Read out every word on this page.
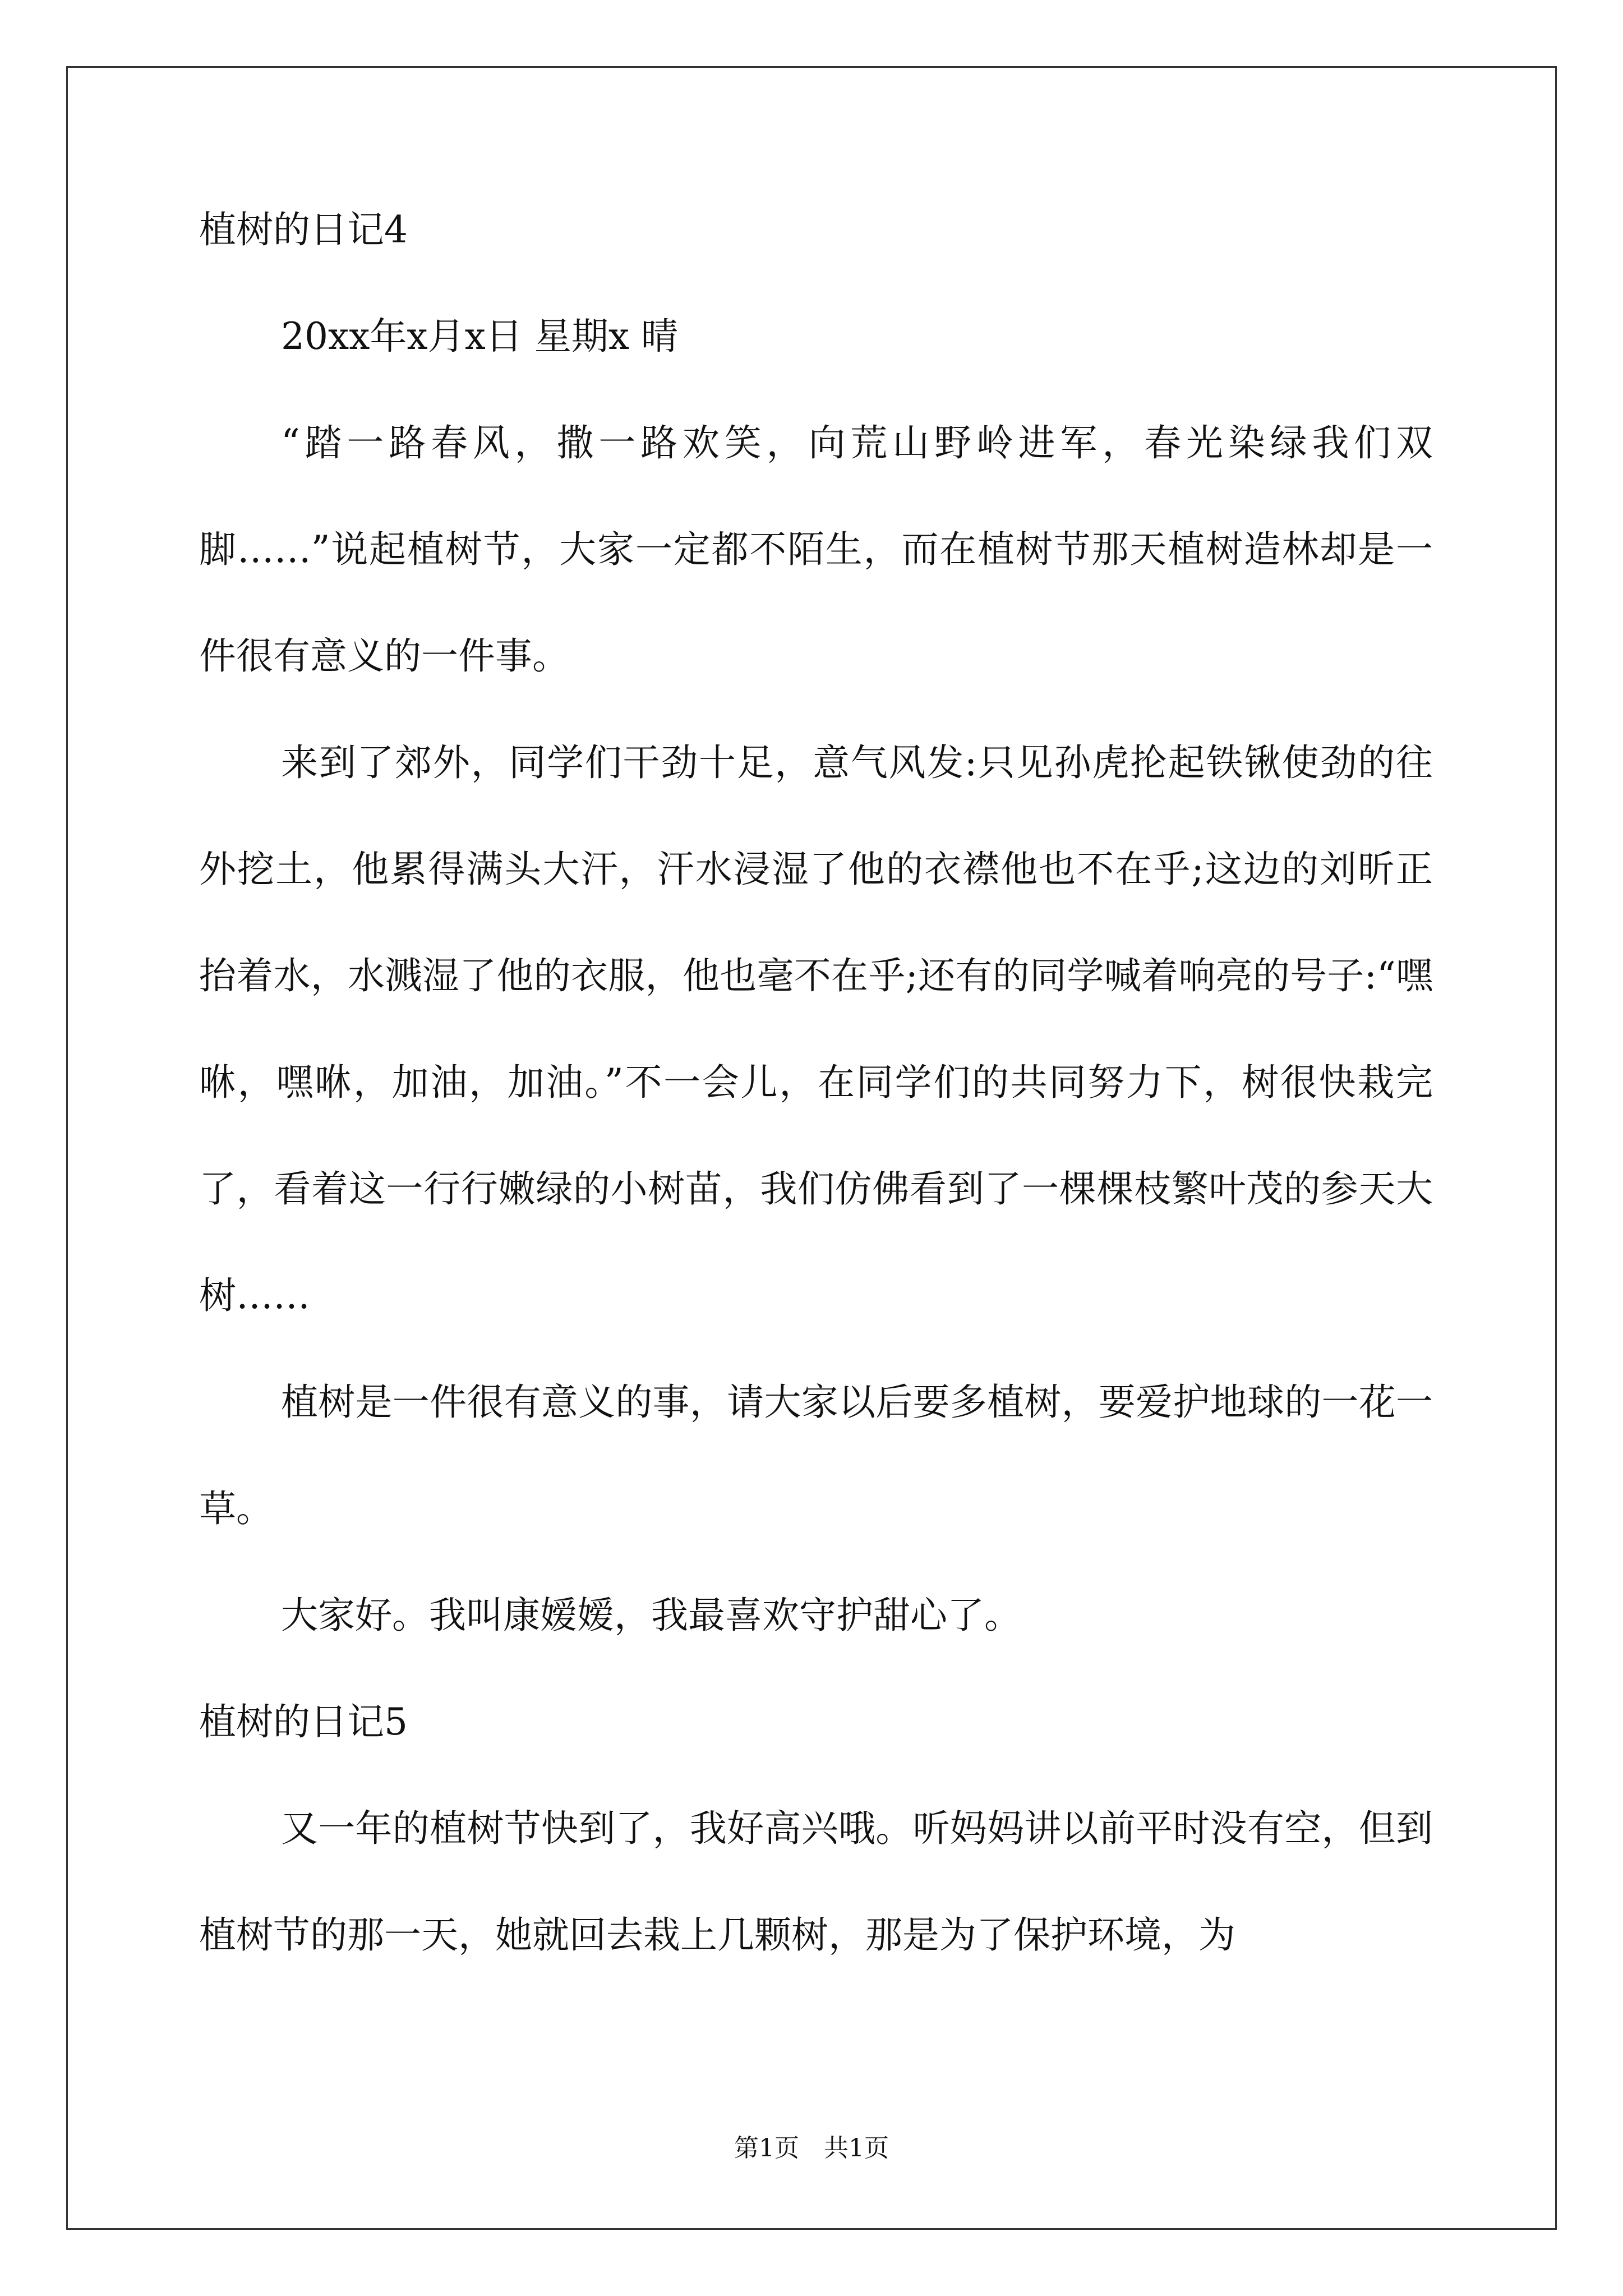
植树的日记4

20xx年x月x日 星期x 晴

“踏一路春风，撒一路欢笑，向荒山野岭进军，春光染绿我们双脚……”说起植树节，大家一定都不陌生，而在植树节那天植树造林却是一件很有意义的一件事。

来到了郊外，同学们干劲十足，意气风发:只见孙虎抡起铁锹使劲的往外挖土，他累得满头大汗，汗水浸湿了他的衣襟他也不在乎;这边的刘昕正抬着水，水溅湿了他的衣服，他也毫不在乎;还有的同学喊着响亮的号子:“嘿咻，嘿咻，加油，加油。”不一会儿，在同学们的共同努力下，树很快栽完了，看着这一行行嫩绿的小树苗，我们仿佛看到了一棵棵枝繁叶茂的参天大树……

植树是一件很有意义的事，请大家以后要多植树，要爱护地球的一花一草。

大家好。我叫康嫒嫒，我最喜欢守护甜心了。

植树的日记5

又一年的植树节快到了，我好高兴哦。听妈妈讲以前平时没有空，但到植树节的那一天，她就回去栽上几颗树，那是为了保护环境，为

第1页　共1页
